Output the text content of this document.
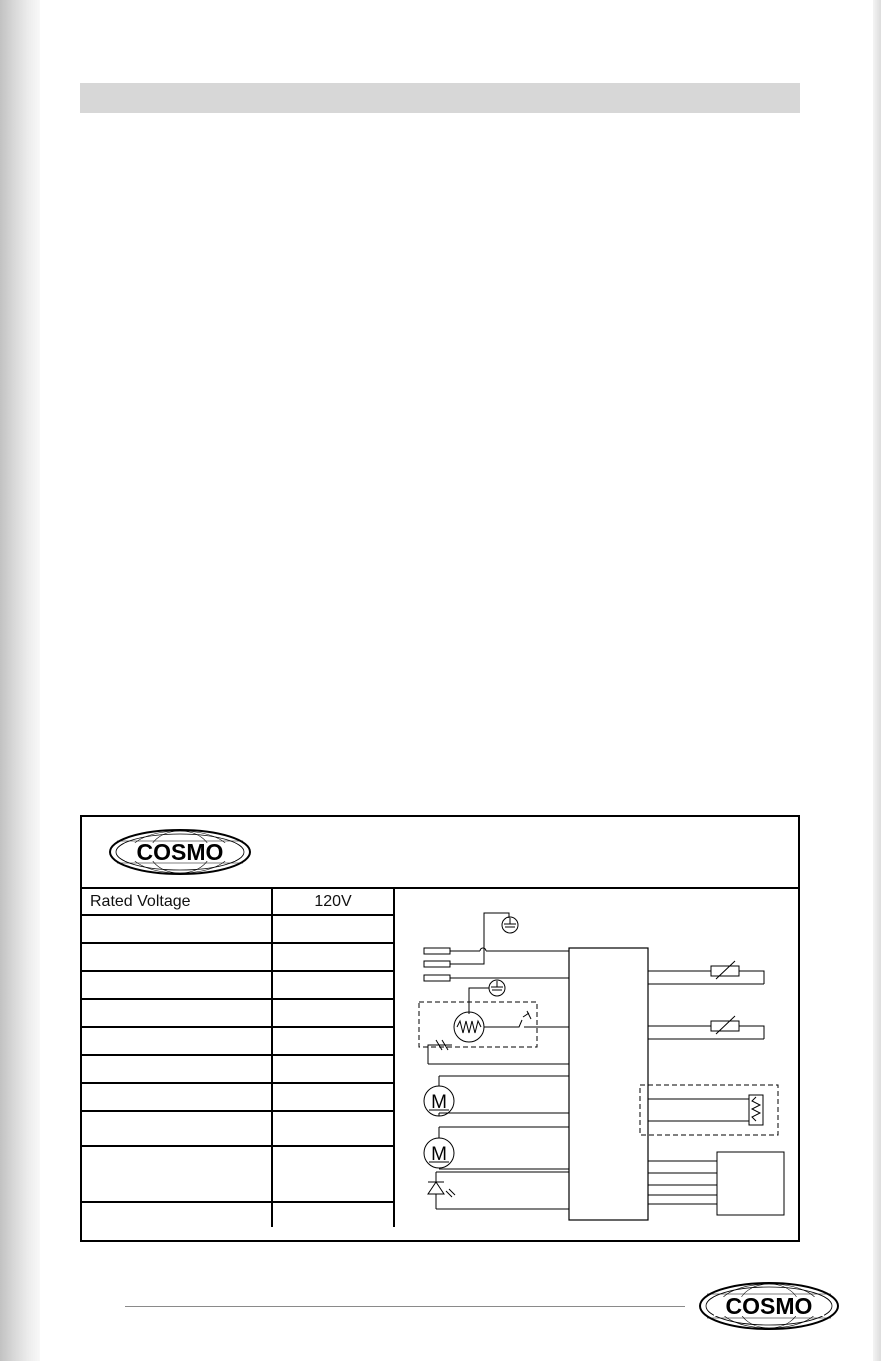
COSMO
Rated Voltage	120V

M
M
COSMO
